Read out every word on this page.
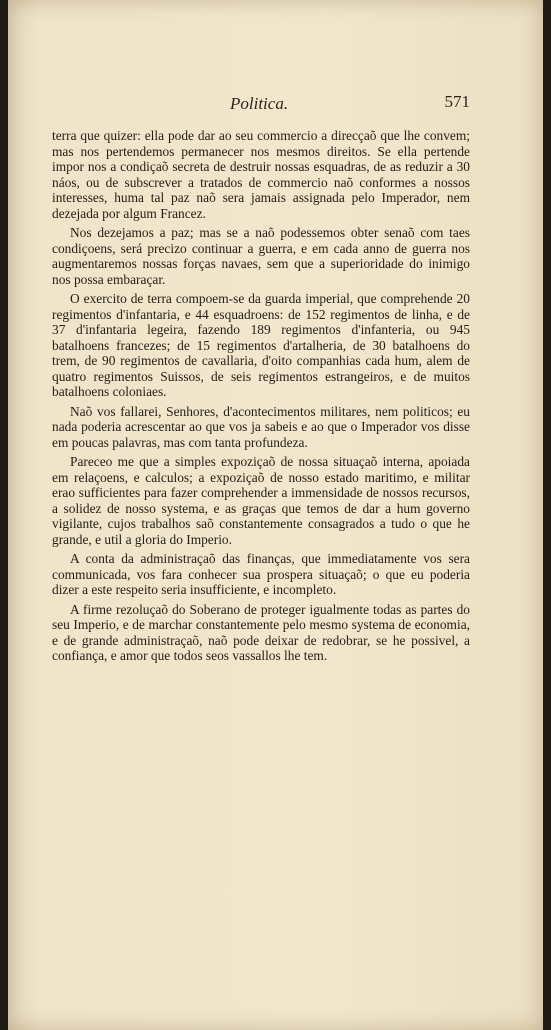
Politica.	571

terra que quizer: ella pode dar ao seu commercio a direcçaõ que lhe convem; mas nos pertendemos permanecer nos mesmos direitos. Se ella pertende impor nos a condiçaõ secreta de destruir nossas esquadras, de as reduzir a 30 náos, ou de subscrever a tratados de commercio naõ conformes a nossos interesses, huma tal paz naõ sera jamais assignada pelo Imperador, nem dezejada por algum Francez.

Nos dezejamos a paz; mas se a naõ podessemos obter senaõ com taes condiçoens, será precizo continuar a guerra, e em cada anno de guerra nos augmentaremos nossas forças navaes, sem que a superioridade do inimigo nos possa embaraçar.

O exercito de terra compoem-se da guarda imperial, que comprehende 20 regimentos d'infantaria, e 44 esquadroens: de 152 regimentos de linha, e de 37 d'infantaria legeira, fazendo 189 regimentos d'infanteria, ou 945 batalhoens francezes; de 15 regimentos d'artalheria, de 30 batalhoens do trem, de 90 regimentos de cavallaria, d'oito companhias cada hum, alem de quatro regimentos Suissos, de seis regimentos estrangeiros, e de muitos batalhoens coloniaes.

Naõ vos fallarei, Senhores, d'acontecimentos militares, nem politicos; eu nada poderia acrescentar ao que vos ja sabeis e ao que o Imperador vos disse em poucas palavras, mas com tanta profundeza.

Pareceo me que a simples expoziçaõ de nossa situaçaõ interna, apoiada em relaçoens, e calculos; a expoziçaõ de nosso estado maritimo, e militar erao sufficientes para fazer comprehender a immensidade de nossos recursos, a solidez de nosso systema, e as graças que temos de dar a hum governo vigilante, cujos trabalhos saõ constantemente consagrados a tudo o que he grande, e util a gloria do Imperio.

A conta da administraçaõ das finanças, que immediatamente vos sera communicada, vos fara conhecer sua prospera situaçaõ; o que eu poderia dizer a este respeito seria insufficiente, e incompleto.

A firme rezoluçaõ do Soberano de proteger igualmente todas as partes do seu Imperio, e de marchar constantemente pelo mesmo systema de economia, e de grande administraçaõ, naõ pode deixar de redobrar, se he possivel, a confiança, e amor que todos seos vassallos lhe tem.
